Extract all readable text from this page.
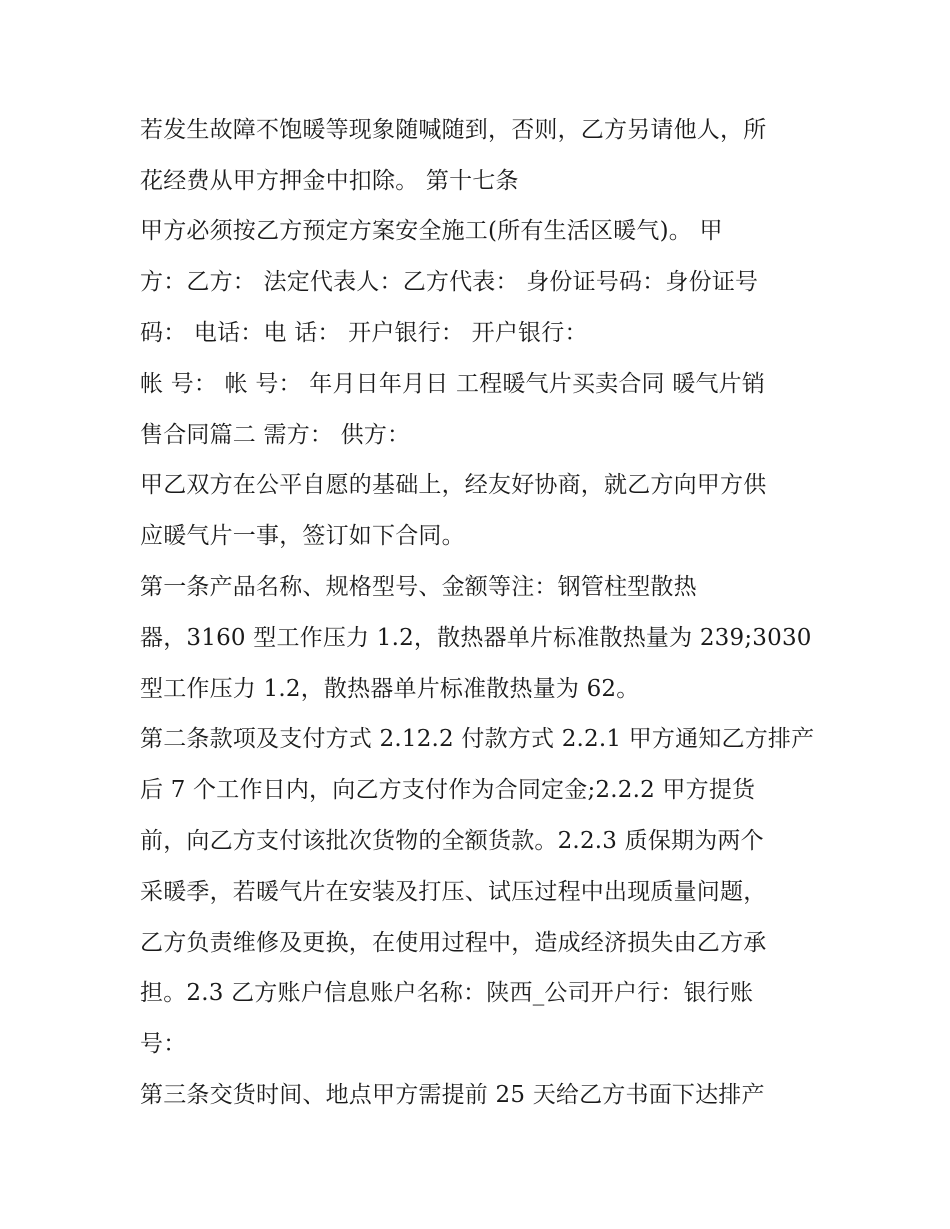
若发生故障不饱暖等现象随喊随到，否则，乙方另请他人，所

花经费从甲方押金中扣除。 第十七条

甲方必须按乙方预定方案安全施工(所有生活区暖气)。 甲

方：乙方： 法定代表人：乙方代表： 身份证号码：身份证号

码： 电话：电 话： 开户银行： 开户银行：

帐 号： 帐 号： 年月日年月日 工程暖气片买卖合同 暖气片销

售合同篇二 需方： 供方：

甲乙双方在公平自愿的基础上，经友好协商，就乙方向甲方供

应暖气片一事，签订如下合同。

第一条产品名称、规格型号、金额等注：钢管柱型散热

器，3160 型工作压力 1.2，散热器单片标准散热量为 239;3030

型工作压力 1.2，散热器单片标准散热量为 62。

第二条款项及支付方式 2.12.2 付款方式 2.2.1 甲方通知乙方排产

后 7 个工作日内，向乙方支付作为合同定金;2.2.2 甲方提货

前，向乙方支付该批次货物的全额货款。2.2.3 质保期为两个

采暖季，若暖气片在安装及打压、试压过程中出现质量问题，

乙方负责维修及更换，在使用过程中，造成经济损失由乙方承

担。2.3 乙方账户信息账户名称：陕西_公司开户行：银行账

号：

第三条交货时间、地点甲方需提前 25 天给乙方书面下达排产
